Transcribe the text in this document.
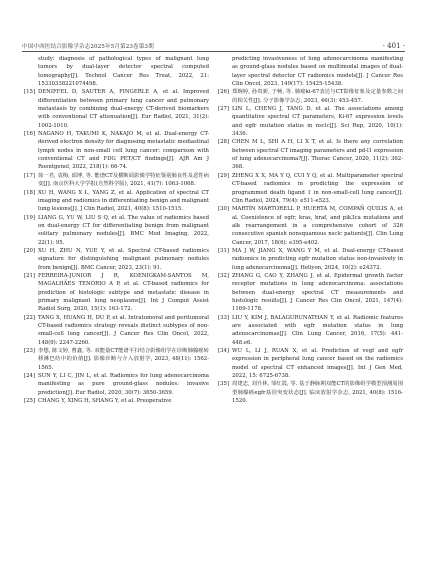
中国中西医结合影像学杂志2025年5月第23卷第3期	· 401 ·
study: diagnosis of pathological types of malignant lung tumors by dual-layer detector spectral computed tomography[J]. Technol Cancer Res Treat, 2022, 21: 15330338221074498.
[15] DENIFFEL D, SAUTER A, FINGERLE A, et al. Improved differentiation between primary lung cancer and pulmonary metastasis by combining dual-energy CT-derived biomarkers with conventional CT attenuation[J]. Eur Radiol, 2021, 31(2): 1002-1010.
[16] NAGANO H, TAKUMI K, NAKAJO M, et al. Dual-energy CT-derived electron density for diagnosing metastatic mediastinal lymph nodes in non-small cell lung cancer: comparison with conventional CT and FDG PET/CT findings[J]. AJR Am J Roentgenol, 2022, 218(1): 66-74.
[17] 徐一君, 袁梅, 邱博, 等. 能谱CT及横断面影像学特征鉴别肺良性及恶性病变[J]. 南京医科大学学报(自然科学版), 2021, 41(7): 1063-1068.
[18] XU H, WANG X L, YANG Z, et al. Application of spectral CT imaging and radiomics in differentiating benign and malignant lung lesions[J]. J Clin Radiol, 2021, 40(8): 1510-1515.
[19] LIANG G, YU W, LIU S Q, et al. The value of radiomics based on dual-energy CT for differentiating benign from malignant solitary pulmonary nodules[J]. BMC Med Imaging, 2022, 22(1): 95.
[20] XU H, ZHU N, YUE Y, et al. Spectral CT-based radiomics signature for distinguishing malignant pulmonary nodules from benign[J]. BMC Cancer, 2023, 23(1): 91.
[21] FERREIRA-JUNIOR J R, KOENIGKAM-SANTOS M, MAGALHÃES TENÓRIO A P, et al. CT-based radiomics for prediction of histologic subtype and metastatic disease in primary malignant lung neoplasms[J]. Int J Comput Assist Radiol Surg, 2020, 15(1): 163-172.
[22] TANG X, HUANG H, DU P, et al. Intratumoral and peritumoral CT-based radiomics strategy reveals distinct subtypes of non-small-cell lung cancer[J]. J Cancer Res Clin Oncol, 2022, 148(9): 2247-2260.
[23] 李想, 陈文婷, 曹鑫, 等. 双能量CT能谱平扫结合影像组学在诊断肺腺癌转移淋巴结中的价值[J]. 影像诊断与介入放射学, 2023, 48(11): 1562-1565.
[24] SUN Y, LI C, JIN L, et al. Radiomics for lung adenocarcinoma manifesting as pure ground-glass nodules: invasive prediction[J]. Eur Radiol, 2020, 30(7): 3650-3659.
[25] CHANG Y, XING H, SHANG Y, et al. Preoperative
predicting invasiveness of lung adenocarcinoma manifesting as ground-glass nodules based on multimodal images of dual-layer spectral detector CT radiomics models[J]. J Cancer Res Clin Oncol, 2023, 149(17): 15425-15438.
[26] 郑婉婷, 孙贵新, 于畅, 等. 肺癌ki-67表达与CT影像征象及定量参数之间的相关性[J]. 分子影像学杂志, 2023, 46(3): 453-457.
[27] LIN L, CHENG J, TANG D, et al. The associations among quantitative spectral CT parameters, Ki-67 expression levels and egfr mutation status in nsclc[J]. Sci Rep, 2020, 10(1): 3436.
[28] CHEN M L, SHI A H, LI X T, et al. Is there any correlation between spectral CT imaging parameters and pd-l1 expression of lung adenocarcinoma?[J]. Thorac Cancer, 2020, 11(2): 362-368.
[29] ZHENG X X, MA Y Q, CUI Y Q, et al. Multiparameter spectral CT-based radiomics in predicting the expression of programmed death ligand 1 in non-small-cell lung cancer[J]. Clin Radiol, 2024, 79(4): e511-e523.
[30] MARTÍN MARTORELL P, HUERTA M, COMPAÑ QUILIS A, et al. Coexistence of egfr, kras, braf, and pik3ca mutations and alk rearrangement in a comprehensive cohort of 326 consecutive spanish nonsquamous nsclc patients[J]. Clin Lung Cancer, 2017, 18(6): e395-e402.
[31] MA J W, JIANG X, WANG Y M, et al. Dual-energy CT-based radiomics in predicting egfr mutation status non-invasively in lung adenocarcinoma[J]. Heliyon, 2024, 10(2): e24372.
[32] ZHANG G, CAO Y, ZHANG J, et al. Epidermal growth factor receptor mutations in lung adenocarcinoma: associations between dual-energy spectral CT measurements and histologic results[J]. J Cancer Res Clin Oncol, 2021, 147(4): 1169-1178.
[33] LIU Y, KIM J, BALAGURUNATHAN Y, et al. Radiomic features are associated with egfr mutation status in lung adenocarcinomas[J]. Clin Lung Cancer, 2016, 17(5): 441-448.e6.
[34] WU L, LI J, RUAN X, et al. Prediction of vegf and egfr expression in peripheral lung cancer based on the radiomics model of spectral CT enhanced images[J]. Int J Gen Med, 2022, 15: 6725-6738.
[35] 周建忠, 刘升林, 邹红霞, 等. 基于静脉期双能CT的影像组学模型预测周围型肺腺癌egfr基因突变状态[J]. 临床放射学杂志, 2021, 40(8): 1516-1520.
